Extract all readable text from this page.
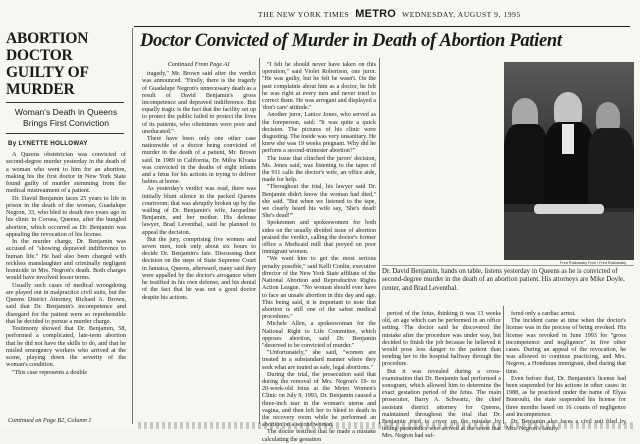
THE NEW YORK TIMES METRO WEDNESDAY, AUGUST 9, 1995
ABORTION DOCTOR GUILTY OF MURDER
Woman's Death in Queens Brings First Conviction
By LYNETTE HOLLOWAY

A Queens obstetrician was convicted of second-degree murder yesterday in the death of a woman who went to him for an abortion, making his the first doctor in New York State found guilty of murder stemming from the medical mistreatment of a patient.

Dr. David Benjamin faces 25 years to life in prison in the death of the woman, Guadalupe Negron, 33, who bled to death two years ago in his clinic in Corona, Queens, after the bungled abortion, which occurred as Dr. Benjamin was appealing the revocation of his license.

In the murder charge, Dr. Benjamin was accused of "showing depraved indifference to human life." He had also been charged with reckless manslaughter and criminally negligent homicide in Mrs. Negron's death. Both charges would have involved lesser terms.

Usually such cases of medical wrongdoing are played out in malpractice civil suits, but the Queens District Attorney, Richard A. Brown, said that Dr. Benjamin's incompetence and disregard for the patient were so reprehensible that he decided to pursue a murder charge.

Testimony showed that Dr. Benjamin, 58, performed a complicated, late-term abortion that he did not have the skills to do, and that he misled emergency workers who arrived at the scene, playing down the severity of the woman's condition.

"This case represents a double

Continued on Page B2, Column 1
Doctor Convicted of Murder in Death of Abortion Patient

Continued From Page A1

tragedy," Mr. Brown said after the verdict was announced. "Firstly, there is the tragedy of Guadalupe Negron's unnecessary death as a result of David Benjamin's gross incompetence and depraved indifference. But equally tragic is the fact that the facility set up to protect the public failed to protect the lives of its patients, who oftentimes were poor and uneducated."

There have been only one other case nationwide of a doctor being convicted of murder in the death of a patient, Mr. Brown said. In 1989 in California, Dr. Milos Klvana was convicted in the deaths of eight infants and a fetus for his actions in trying to deliver babies at home.

As yesterday's verdict was read, there was initially blunt silence in the packed Queens courtroom; that was abruptly broken up by the wailing of Dr. Benjamin's wife, Jacqueline Benjamin, and her mother. His defense lawyer, Brad Leventhal, said he planned to appeal the decision.

But the jury, comprising five women and seven men, took only about six hours to decide Dr. Benjamin's fate. Discussing their decision on the steps of State Supreme Court in Jamaica, Queens, afterward, many said they were appalled by the doctor's arrogance when he testified in his own defense, and his denial of the fact that he was not a good doctor despite his actions.

"I felt he should never have taken on this operation," said Violet Robertson, one juror. "He was guilty, but he felt he wasn't. On the past complaints about him as a doctor, he felt he was right at every turn and never tried to correct them. He was arrogant and displayed a 'don't care' attitude."

Another juror, Lanice Jones, who served as the foreperson, said: "It was quite a quick decision. The pictures of his clinic were disgusting. The inside was very unsanitary. He knew she was 19 weeks pregnant. Why did he perform a second-trimester abortion?"

The issue that clinched the jurors' decision, Ms. Jones said, was listening to the tapes of the 911 calls the doctor's wife, an office aide, made for help.

"Throughout the trial, his lawyer said Dr. Benjamin didn't know the woman had died," she said. "But when we listened to the tape, we clearly heard his wife say, 'She's dead! She's dead!'"

Spokesmen and spokeswomen for both sides on the usually divided issue of abortion praised the verdict, calling the doctor's former office a Medicaid mill that preyed on poor immigrant women.

"We want him to get the most serious penalty possible," said Kelli Conlin, executive director of the New York State affiliate of the National Abortion and Reproductive Rights Action League. "No woman should ever have to face an unsafe abortion in this day and age. This being said, it is important to note that abortion is still one of the safest medical procedures."

Michele Allen, a spokeswoman for the National Right to Life Committee, which opposes abortion, said Dr. Benjamin "deserved to be convicted of murder."

"Unfortunately," she said, "women are treated in a substandard manner where they seek what are touted as safe, legal abortions."

During the trial, the prosecution said that during the removal of Mrs. Negron's 19- to 20-week-old fetus at the Metro Women's Clinic on July 9, 1993, Dr. Benjamin caused a three-inch tear in the woman's uterus and vagina, and then left her to bleed to death in the recovery room while he performed an abortion on a second woman.

The doctor testified that he made a mistake calculating the gestation

Fred Rutkowsky Foto / Fred Rutkowsky
Dr. David Benjamin, hands on table, listens yesterday in Queens as he is convicted of second-degree murder in the death of an abortion patient. His attorneys are Mike Doyle, center, and Brad Leventhal.

period of the fetus, thinking it was 13 weeks old, an age which can be performed in an office setting. The doctor said he discovered the mistake after the procedure was under way, but decided to finish the job because he believed it would pose less danger to the patient than sending her to the hospital halfway through the procedure.

But it was revealed during a cross-examination that Dr. Benjamin had performed a sonogram, which allowed him to determine the exact gestation period of the fetus. The main prosecutor, Barry A. Schwartz, the chief assistant district attorney for Queens, maintained throughout the trial that Dr. Benjamin tried to cover up the mistake by telling paramedics who arrived at the scene that Mrs. Negron had suf-

fered only a cardiac arrest.

The incident came at time when the doctor's license was in the process of being revoked. His license was revoked in June 1993 for "gross incompetence and negligence" in five other cases. During an appeal of the revocation, he was allowed to continue practicing, and Mrs. Negron, a Honduran immigrant, died during that time.

Even before that, Dr. Benjamin's license had been suspended for his actions in other cases: in 1988, as he practiced under the name of Elyas Bonrouhi, the state suspended his license for three months based on 16 counts of negligence and incompetence.

Dr. Benjamin also faces a civil suit filed by Mrs. Negron's family.
